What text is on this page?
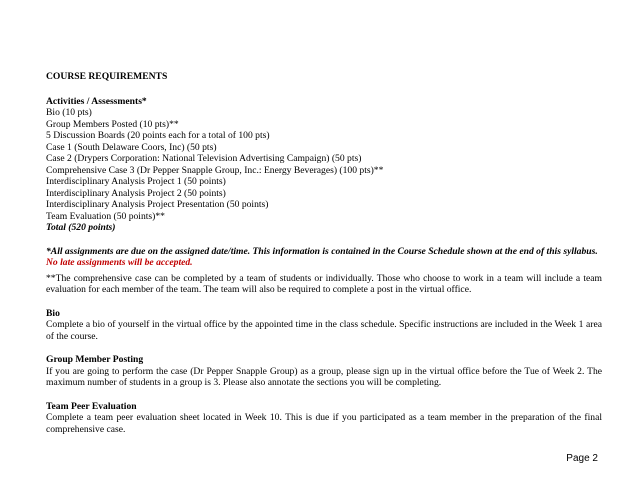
COURSE REQUIREMENTS
Activities / Assessments*
Bio (10 pts)
Group Members Posted (10 pts)**
5 Discussion Boards (20 points each for a total of 100 pts)
Case 1 (South Delaware Coors, Inc) (50 pts)
Case 2 (Drypers Corporation: National Television Advertising Campaign) (50 pts)
Comprehensive Case 3 (Dr Pepper Snapple Group, Inc.: Energy Beverages) (100 pts)**
Interdisciplinary Analysis Project 1 (50 points)
Interdisciplinary Analysis Project 2 (50 points)
Interdisciplinary Analysis Project Presentation (50 points)
Team Evaluation (50 points)**
Total (520 points)
*All assignments are due on the assigned date/time. This information is contained in the Course Schedule shown at the end of this syllabus. No late assignments will be accepted.
**The comprehensive case can be completed by a team of students or individually. Those who choose to work in a team will include a team evaluation for each member of the team. The team will also be required to complete a post in the virtual office.
Bio
Complete a bio of yourself in the virtual office by the appointed time in the class schedule. Specific instructions are included in the Week 1 area of the course.
Group Member Posting
If you are going to perform the case (Dr Pepper Snapple Group) as a group, please sign up in the virtual office before the Tue of Week 2. The maximum number of students in a group is 3. Please also annotate the sections you will be completing.
Team Peer Evaluation
Complete a team peer evaluation sheet located in Week 10. This is due if you participated as a team member in the preparation of the final comprehensive case.
Page 2
